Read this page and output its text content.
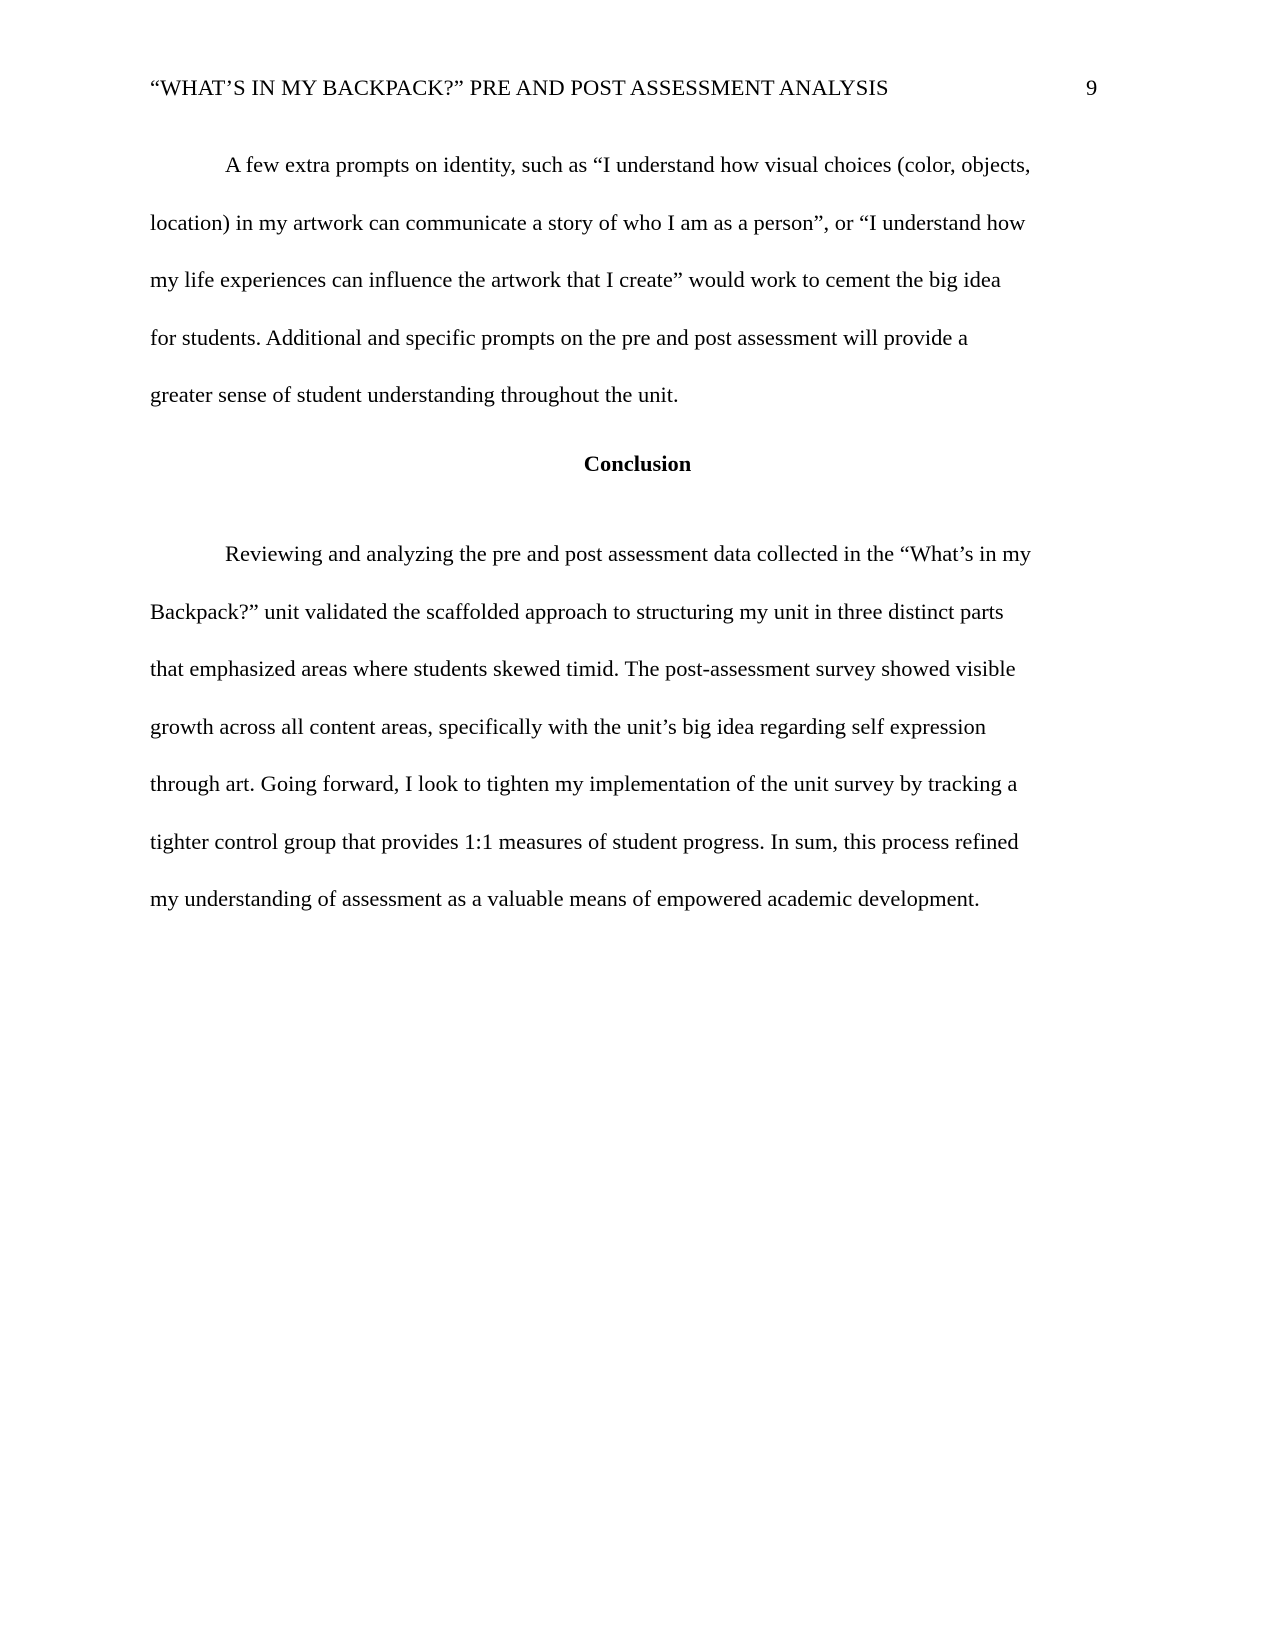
“WHAT’S IN MY BACKPACK?” PRE AND POST ASSESSMENT ANALYSIS	9
A few extra prompts on identity, such as “I understand how visual choices (color, objects,
location) in my artwork can communicate a story of who I am as a person”, or “I understand how
my life experiences can influence the artwork that I create” would work to cement the big idea
for students. Additional and specific prompts on the pre and post assessment will provide a
greater sense of student understanding throughout the unit.
Conclusion
Reviewing and analyzing the pre and post assessment data collected in the “What’s in my
Backpack?” unit validated the scaffolded approach to structuring my unit in three distinct parts
that emphasized areas where students skewed timid. The post-assessment survey showed visible
growth across all content areas, specifically with the unit’s big idea regarding self expression
through art. Going forward, I look to tighten my implementation of the unit survey by tracking a
tighter control group that provides 1:1 measures of student progress. In sum, this process refined
my understanding of assessment as a valuable means of empowered academic development.
